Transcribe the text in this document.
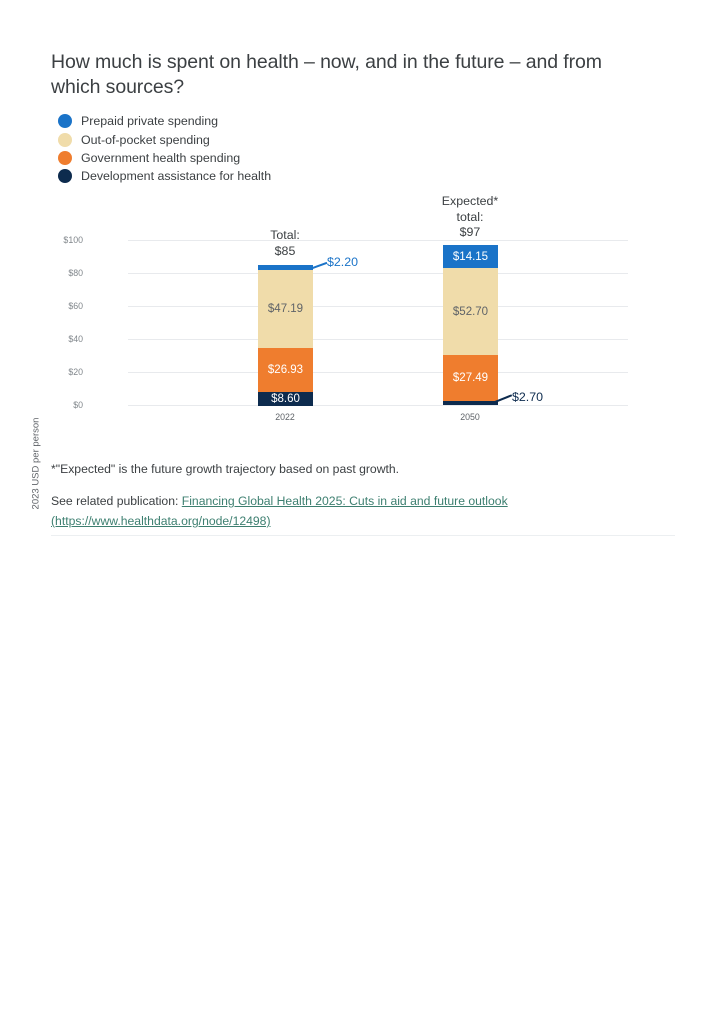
How much is spent on health – now, and in the future – and from which sources?
Prepaid private spending
Out-of-pocket spending
Government health spending
Development assistance for health
2023 USD per person
$100
$80
$60
$40
$20
$0
Total:
$85
$47.19
$26.93
$8.60
$2.20
2022
Expected*
total:
$97
$14.15
$52.70
$27.49
$2.70
2050
*"Expected" is the future growth trajectory based on past growth.
See related publication: Financing Global Health 2025: Cuts in aid and future outlook (https://www.healthdata.org/node/12498)
